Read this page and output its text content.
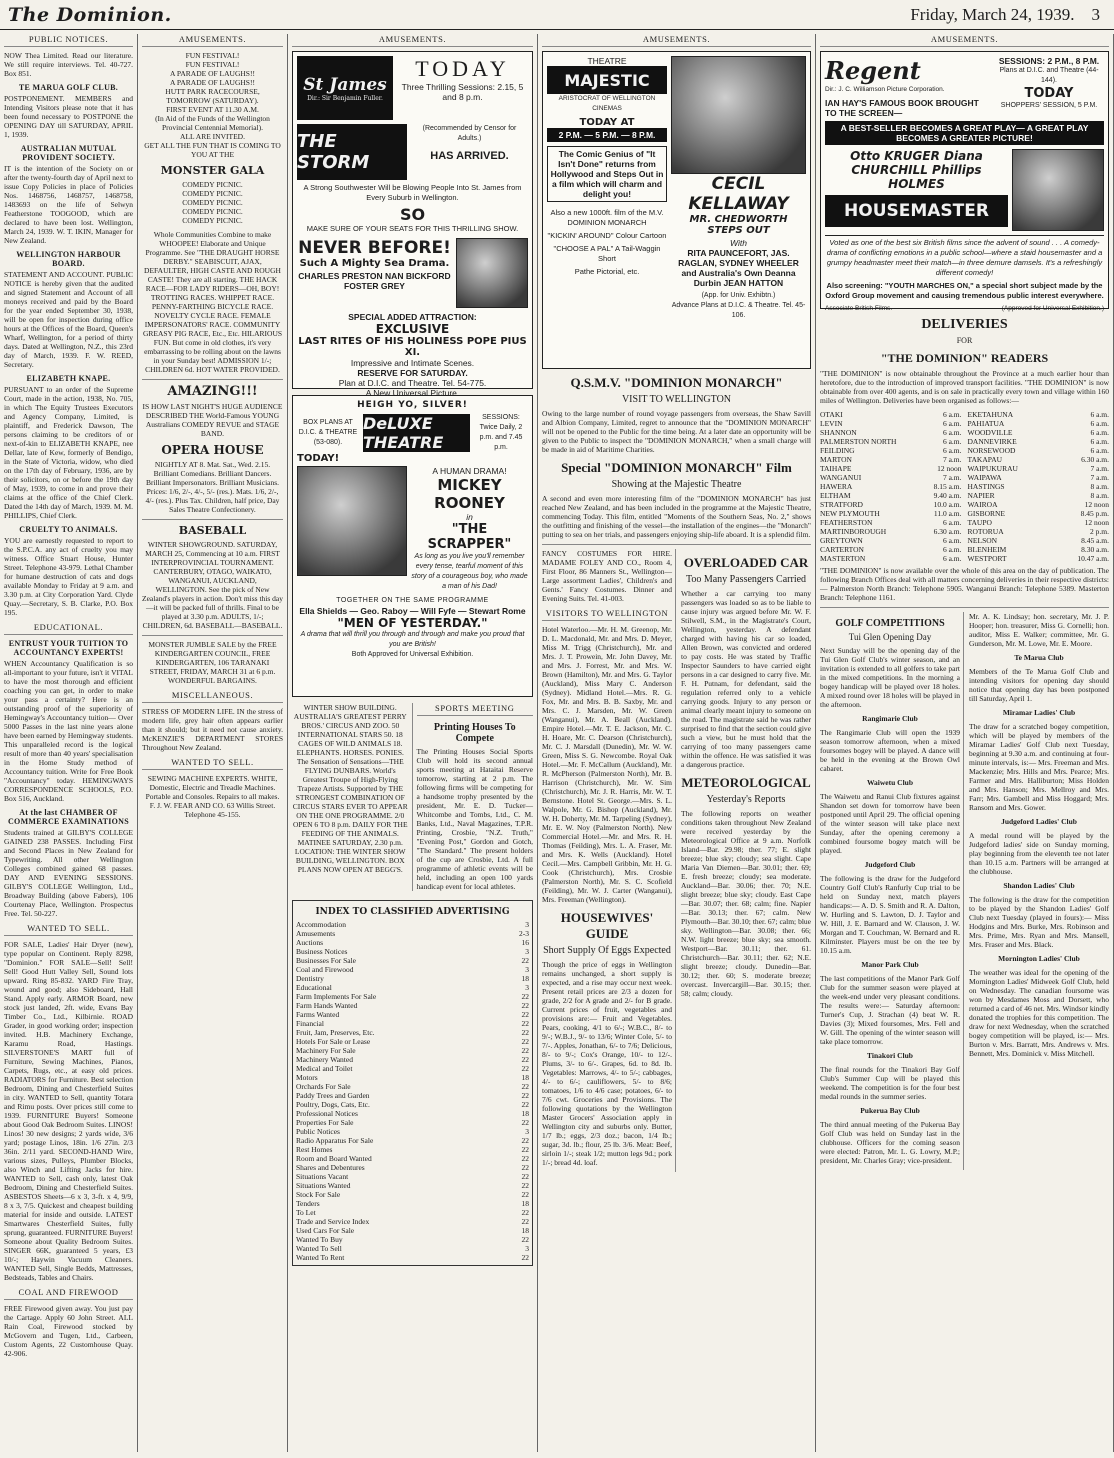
The Dominion.	Friday, March 24, 1939. 3
PUBLIC NOTICES.
NOW Thea Limited. Read our literature. We still require interviews. Tel. 40-727. Box 851.
TE MARUA GOLF CLUB.
POSTPONEMENT. MEMBERS and Intending Visitors please note that it has been found necessary to POSTPONE the OPENING DAY till SATURDAY, APRIL 1, 1939.
AUSTRALIAN MUTUAL PROVIDENT SOCIETY.
IT is the intention of the Society on or after the twenty-fourth day of April next to issue Copy Policies in place of Policies Nos. 1468756, 1468757, 1468758, 1483693 on the life of Selwyn Featherstone TOOGOOD, which are declared to have been lost. Wellington, March 24, 1939. W. T. IKIN, Manager for New Zealand.
WELLINGTON HARBOUR BOARD.
STATEMENT AND ACCOUNT. PUBLIC NOTICE is hereby given that the audited and signed Statement and Account of all moneys received and paid by the Board for the year ended September 30, 1938, will be open for inspection during office hours at the Offices of the Board, Queen's Wharf, Wellington, for a period of thirty days. Dated at Wellington, N.Z., this 23rd day of March, 1939. F. W. REED, Secretary.
ELIZABETH KNAPE.
PURSUANT to an order of the Supreme Court, made in the action, 1938, No. 705, in which The Equity Trustees Executors and Agency Company, Limited, is plaintiff, and Frederick Dawson, The persons claiming to be creditors of or next-of-kin to ELIZABETH KNAPE, nee Dellar, late of Kew, formerly of Bendigo, in the State of Victoria, widow, who died on the 17th day of February, 1936, are by their solicitors, on or before the 19th day of May, 1939, to come in and prove their claims at the office of the Chief Clerk. Dated the 14th day of March, 1939. M. M. PHILLIPS, Chief Clerk.
CRUELTY TO ANIMALS.
YOU are earnestly requested to report to the S.P.C.A. any act of cruelty you may witness. Office Stuart House, Hunter Street. Telephone 43-979. Lethal Chamber for humane destruction of cats and dogs available Monday to Friday at 9 a.m. and 3.30 p.m. at City Corporation Yard. Clyde Quay.—Secretary, S. B. Clarke, P.O. Box 195.
EDUCATIONAL.
ENTRUST YOUR TUITION TO ACCOUNTANCY EXPERTS!
WHEN Accountancy Qualification is so all-important to your future, isn't it VITAL to have the most thorough and efficient coaching you can get, in order to make your pass a certainty? Here is an outstanding proof of the superiority of Hemingway's Accountancy tuition— Over 5000 Passes in the last nine years alone have been earned by Hemingway students. This unparalleled record is the logical result of more than 40 years' specialisation in the Home Study method of Accountancy tuition. Write for Free Book "Accountancy" today. HEMINGWAYS CORRESPONDENCE SCHOOLS, P.O. Box 516, Auckland.
At the last CHAMBER OF COMMERCE EXAMINATIONS
Students trained at GILBY'S COLLEGE GAINED 238 PASSES. Including First and Second Places in New Zealand for Typewriting. All other Wellington Colleges combined gained 68 passes. DAY AND EVENING SESSIONS. GILBY'S COLLEGE Wellington, Ltd., Broadway Building (above Fabers), 106 Courtenay Place, Wellington. Prospectus Free. Tel. 50-227.
WANTED TO SELL.
FOR SALE, Ladies' Hair Dryer (new), type popular on Continent. Reply 8298, "Dominion." FOR SALE—Sell! Sell! Sell! Good Hutt Valley Sell, Sound lots upward. Ring 85-832. YARD Fire Tray, wound and good; also Sideboard, Hall Stand. Apply early. ARMOR Board, new stock just landed, 2ft. wide, Evans Bay Timber Co., Ltd., Kilbirnie. ROAD Grader, in good working order; inspection invited. H.B. Machinery Exchange, Karamu Road, Hastings. SILVERSTONE'S MART full of Furniture, Sewing Machines, Pianos, Carpets, Rugs, etc., at easy old prices. RADIATORS for Furniture. Best selection Bedroom, Dining and Chesterfield Suites in city. WANTED to Sell, quantity Totara and Rimu posts. Over prices still come to 1939. FURNITURE Buyers! Someone about Good Oak Bedroom Suites. LINOS! Linos! 30 new designs; 2 yards wide, 3/6 yard; postage Linos, 18in. 1/6 27in. 2/3 36in. 2/11 yard. SECOND-HAND Wire, various sizes, Pulleys, Plumber Blocks, also Winch and Lifting Jacks for hire. WANTED to Sell, cash only, latest Oak Bedroom, Dining and Chesterfield Suites. ASBESTOS Sheets—6 x 3, 3-ft. x 4, 9/9, 8 x 3, 7/5. Quickest and cheapest building material for inside and outside. LATEST Smartwares Chesterfield Suites, fully sprung, guaranteed. FURNITURE Buyers! Someone about Quality Bedroom Suites. SINGER 66K, guaranteed 5 years, £3 10/-; Haywin Vacuum Cleaners. WANTED Sell, Single Bedds, Mattresses, Bedsteads, Tables and Chairs.
COAL AND FIREWOOD
FREE Firewood given away. You just pay the Cartage. Apply 60 John Street. ALL Rain Coal, Firewood stocked by McGovern and Tugen, Ltd., Carbeen, Custom Agents, 22 Customhouse Quay. 42-906.
AMUSEMENTS.
FUN FESTIVAL!
FUN FESTIVAL!
A PARADE OF LAUGHS!!
A PARADE OF LAUGHS!!
HUTT PARK RACECOURSE,
TOMORROW (SATURDAY).
FIRST EVENT AT 11.30 A.M.
(In Aid of the Funds of the Wellington Provincial Centennial Memorial).
ALL ARE INVITED.
GET ALL THE FUN THAT IS COMING TO YOU AT THE
MONSTER GALA
COMEDY PICNIC.
COMEDY PICNIC.
COMEDY PICNIC.
COMEDY PICNIC.
COMEDY PICNIC.
Whole Communities Combine to make WHOOPEE! Elaborate and Unique Programme. See "THE DRAUGHT HORSE DERBY." SEABISCUIT, AJAX, DEFAULTER, HIGH CASTE AND ROUGH CASTE! They are all starting. THE HACK RACE—FOR LADY RIDERS—OH, BOY! TROTTING RACES. WHIPPET RACE. PENNY-FARTHING BICYCLE RACE. NOVELTY CYCLE RACE. FEMALE IMPERSONATORS' RACE. COMMUNITY GREASY PIG RACE, Etc., Etc. HILARIOUS FUN. But come in old clothes, it's very embarrassing to be rolling about on the lawns in your Sunday best! ADMISSION 1/-; CHILDREN 6d. HOT WATER PROVIDED.
AMAZING!!!
IS HOW LAST NIGHT'S HUGE AUDIENCE DESCRIBED THE World-Famous YOUNG Australians COMEDY REVUE and STAGE BAND.
OPERA HOUSE
NIGHTLY AT 8. Mat. Sat., Wed. 2.15. Brilliant Comedians. Brilliant Dancers. Brilliant Impersonators. Brilliant Musicians. Prices: 1/6, 2/-, 4/-, 5/- (res.). Mats. 1/6, 2/-, 4/- (res.). Plus Tax. Children, half price, Day Sales Theatre Confectionery.
BASEBALL
WINTER SHOWGROUND. SATURDAY, MARCH 25, Commencing at 10 a.m. FIRST INTERPROVINCIAL TOURNAMENT. CANTERBURY, OTAGO, WAIKATO, WANGANUI, AUCKLAND, WELLINGTON. See the pick of New Zealand's players in action. Don't miss this day—it will be packed full of thrills. Final to be played at 3.30 p.m. ADULTS, 1/-; CHILDREN, 6d. BASEBALL—BASEBALL.
MONSTER JUMBLE SALE by the FREE KINDERGARTEN COUNCIL, FREE KINDERGARTEN, 106 TARANAKI STREET, FRIDAY, MARCH 31 at 6 p.m. WONDERFUL BARGAINS.
MISCELLANEOUS.
STRESS OF MODERN LIFE. IN the stress of modern life, grey hair often appears earlier than it should; but it need not cause anxiety. McKENZIE'S DEPARTMENT STORES Throughout New Zealand.
WANTED TO SELL.
SEWING MACHINE EXPERTS. WHITE, Domestic, Electric and Treadle Machines. Portable and Consoles. Repairs to all makes. F. J. W. FEAR AND CO. 63 Willis Street. Telephone 45-155.
AMUSEMENTS.
St James
Dir.: Sir Benjamin Fuller.
TODAY
Three Thrilling Sessions: 2.15, 5 and 8 p.m.
THE STORM
(Recommended by Censor for Adults.)
HAS ARRIVED.
A Strong Southwester Will be Blowing People Into St. James from Every Suburb in Wellington.
SO
MAKE SURE OF YOUR SEATS FOR THIS THRILLING SHOW.
NEVER BEFORE!
Such A Mighty Sea Drama.
CHARLES PRESTON NAN BICKFORD FOSTER GREY
SPECIAL ADDED ATTRACTION:
EXCLUSIVE
LAST RITES OF HIS HOLINESS POPE PIUS XI.
Impressive and Intimate Scenes.
RESERVE FOR SATURDAY.
Plan at D.I.C. and Theatre. Tel. 54-775.
A New Universal Picture.
HEIGH YO, SILVER!
BOX PLANS AT D.I.C. & THEATRE (53-080).
DeLUXE THEATRE
SESSIONS: Twice Daily, 2 p.m. and 7.45 p.m.
TODAY!
A HUMAN DRAMA!
MICKEY ROONEY
in
"THE SCRAPPER"
As long as you live you'll remember every tense, tearful moment of this story of a courageous boy, who made a man of his Dad!
TOGETHER ON THE SAME PROGRAMME
Ella Shields — Geo. Raboy — Will Fyfe — Stewart Rome
"MEN OF YESTERDAY."
A drama that will thrill you through and through and make you proud that you are British!
Both Approved for Universal Exhibition.
WINTER SHOW BUILDING. AUSTRALIA'S GREATEST PERRY BROS.' CIRCUS AND ZOO. 50 INTERNATIONAL STARS 50. 18 CAGES OF WILD ANIMALS 18. ELEPHANTS. HORSES. PONIES. The Sensation of Sensations—THE FLYING DUNBARS. World's Greatest Troupe of High-Flying Trapeze Artists. Supported by THE STRONGEST COMBINATION OF CIRCUS STARS EVER TO APPEAR ON THE ONE PROGRAMME. 2/0 OPEN 6 TO 8 p.m. DAILY FOR THE FEEDING OF THE ANIMALS. MATINEE SATURDAY, 2.30 p.m. LOCATION: THE WINTER SHOW BUILDING, WELLINGTON. BOX PLANS NOW OPEN AT BEGG'S.
SPORTS MEETING
Printing Houses To Compete
The Printing Houses Social Sports Club will hold its second annual sports meeting at Hataitai Reserve tomorrow, starting at 2 p.m. The following firms will be competing for a handsome trophy presented by the president, Mr. E. D. Tucker—Whitcombe and Tombs, Ltd., C. M. Banks, Ltd., Naval Magazines, T.P.R. Printing, Crosbie, "N.Z. Truth," "Evening Post," Gordon and Gotch, "The Standard." The present holders of the cup are Crosbie, Ltd. A full programme of athletic events will be held, including an open 100 yards handicap event for local athletes.
INDEX TO CLASSIFIED ADVERTISING
Accommodation	3
Amusements	2-3
Auctions	16
Business Notices	3
Businesses For Sale	22
Coal and Firewood	3
Dentistry	18
Educational	3
Farm Implements For Sale	22
Farm Hands Wanted	22
Farms Wanted	22
Financial	22
Fruit, Jam, Preserves, Etc.	22
Hotels For Sale or Lease	22
Machinery For Sale	22
Machinery Wanted	22
Medical and Toilet	22
Motors	18
Orchards For Sale	22
Paddy Trees and Garden	22
Poultry, Dogs, Cats, Etc.	22
Professional Notices	18
Properties For Sale	22
Public Notices	3
Radio Apparatus For Sale	22
Rest Homes	22
Room and Board Wanted	22
Shares and Debentures	22
Situations Vacant	22
Situations Wanted	22
Stock For Sale	22
Tenders	18
To Let	22
Trade and Service Index	22
Used Cars For Sale	18
Wanted To Buy	22
Wanted To Sell	3
Wanted To Rent	22
AMUSEMENTS.
THEATRE
MAJESTIC
ARISTOCRAT OF WELLINGTON CINEMAS
TODAY AT
2 P.M. — 5 P.M. — 8 P.M.
The Comic Genius of "It Isn't Done" returns from Hollywood and Steps Out in a film which will charm and delight you!
Also a new 1000ft. film of the M.V. DOMINION MONARCH
"KICKIN' AROUND" Colour Cartoon
"CHOOSE A PAL" A Tail-Waggin Short
Pathe Pictorial, etc.
CECIL KELLAWAY
MR. CHEDWORTH STEPS OUT
With
RITA PAUNCEFORT, JAS. RAGLAN, SYDNEY WHEELER and Australia's Own Deanna Durbin JEAN HATTON
(App. for Univ. Exhibtn.)
Advance Plans at D.I.C. & Theatre. Tel. 45-106.
Q.S.M.V. "DOMINION MONARCH"
VISIT TO WELLINGTON
Owing to the large number of round voyage passengers from overseas, the Shaw Savill and Albion Company, Limited, regret to announce that the "DOMINION MONARCH" will not be opened to the Public for the time being. At a later date an opportunity will be given to the Public to inspect the "DOMINION MONARCH," when a small charge will be made in aid of Maritime Charities.
Special "DOMINION MONARCH" Film
Showing at the Majestic Theatre
A second and even more interesting film of the "DOMINION MONARCH" has just reached New Zealand, and has been included in the programme at the Majestic Theatre, commencing Today. This film, entitled "Moments of the Southern Seas, No. 2," shows the outfitting and finishing of the vessel—the installation of the engines—the "Monarch" putting to sea on her trials, and passengers enjoying ship-life aboard. It is a splendid film.
FANCY COSTUMES FOR HIRE. MADAME FOLEY AND CO., Room 4, First Floor, 86 Manners St., Wellington—Large assortment Ladies', Children's and Gents.' Fancy Costumes. Dinner and Evening Suits. Tel. 41-003.
VISITORS TO WELLINGTON
Hotel Waterloo.—Mr. H. M. Greenop, Mr. D. L. Macdonald, Mr. and Mrs. D. Meyer, Miss M. Trigg (Christchurch), Mr. and Mrs. J. T. Prowein, Mr. John Davey, Mr. and Mrs. J. Forrest, Mr. and Mrs. W. Brown (Hamilton), Mr. and Mrs. G. Taylor (Auckland), Miss Mary C. Anderson (Sydney). Midland Hotel.—Mrs. R. G. Fox, Mr. and Mrs. B. B. Saxby, Mr. and Mrs. C. J. Marsden, Mr. W. Green (Wanganui), Mr. A. Beall (Auckland). Empire Hotel.—Mr. T. E. Jackson, Mr. C. H. Hoare, Mr. C. Dearson (Christchurch), Mr. C. J. Marsdall (Dunedin), Mr. W. W. Green, Miss S. G. Newcombe. Royal Oak Hotel.—Mr. F. McCallum (Auckland), Mr. R. McPherson (Palmerston North), Mr. B. Harrison (Christchurch), Mr. W. Sim (Christchurch), Mr. J. R. Harris, Mr. W. T. Bernstone. Hotel St. George.—Mrs. S. L. Walpole, Mr. G. Bishop (Auckland), Mr. W. H. Doherty, Mr. M. Tarpeling (Sydney), Mr. E. W. Noy (Palmerston North). New Commercial Hotel.—Mr. and Mrs. R. H. Thomas (Feilding), Mrs. L. A. Fraser, Mr. and Mrs. K. Wells (Auckland). Hotel Cecil.—Mrs. Campbell Gribbin, Mr. H. G. Cook (Christchurch), Mrs. Crosbie (Palmerston North), Mr. S. C. Scofield (Feilding), Mr. W. J. Carter (Wanganui), Mrs. Freeman (Wellington).
HOUSEWIVES' GUIDE
Short Supply Of Eggs Expected
Though the price of eggs in Wellington remains unchanged, a short supply is expected, and a rise may occur next week. Present retail prices are 2/3 a dozen for grade, 2/2 for A grade and 2/- for B grade. Current prices of fruit, vegetables and provisions are:— Fruit and Vegetables. Pears, cooking, 4/1 to 6/-; W.B.C., 8/- to 9/-; W.B.J., 9/- to 13/6; Winter Cole, 5/- to 7/-. Apples, Jonathan, 6/- to 7/6; Delicious, 8/- to 9/-; Cox's Orange, 10/- to 12/-. Plums, 3/- to 6/-. Grapes, 6d. to 8d. lb. Vegetables: Marrows, 4/- to 5/-; cabbages, 4/- to 6/-; cauliflowers, 5/- to 8/6; tomatoes, 1/6 to 4/6 case; potatoes, 6/- to 7/6 cwt. Groceries and Provisions. The following quotations by the Wellington Master Grocers' Association apply in Wellington city and suburbs only. Butter, 1/7 lb.; eggs, 2/3 doz.; bacon, 1/4 lb.; sugar, 3d. lb.; flour, 25 lb. 3/6. Meat: Beef, sirloin 1/-; steak 1/2; mutton legs 9d.; pork 1/-; bread 4d. loaf.
OVERLOADED CAR
Too Many Passengers Carried
Whether a car carrying too many passengers was loaded so as to be liable to cause injury was argued before Mr. W. F. Stilwell, S.M., in the Magistrate's Court, Wellington, yesterday. A defendant charged with having his car so loaded, Allen Brown, was convicted and ordered to pay costs. He was stated by Traffic Inspector Saunders to have carried eight persons in a car designed to carry five. Mr. F. H. Putnam, for defendant, said the regulation referred only to a vehicle carrying goods. Injury to any person or animal clearly meant injury to someone on the road. The magistrate said he was rather surprised to find that the section could give such a view, but he must hold that the carrying of too many passengers came within the offence. He was satisfied it was a dangerous practice.
METEOROLOGICAL
Yesterday's Reports
The following reports on weather conditions taken throughout New Zealand were received yesterday by the Meteorological Office at 9 a.m. Norfolk Island—Bar. 29.98; ther. 77; E. slight breeze; blue sky; cloudy; sea slight. Cape Maria Van Diemen—Bar. 30.01; ther. 69; E. fresh breeze; cloudy; sea moderate. Auckland—Bar. 30.06; ther. 70; N.E. slight breeze; blue sky; cloudy. East Cape—Bar. 30.07; ther. 68; calm; fine. Napier—Bar. 30.13; ther. 67; calm. New Plymouth—Bar. 30.10; ther. 67; calm; blue sky. Wellington—Bar. 30.08; ther. 66; N.W. light breeze; blue sky; sea smooth. Westport—Bar. 30.11; ther. 61. Christchurch—Bar. 30.11; ther. 62; N.E. slight breeze; cloudy. Dunedin—Bar. 30.12; ther. 60; S. moderate breeze; overcast. Invercargill—Bar. 30.15; ther. 58; calm; cloudy.
AMUSEMENTS.
Regent
Dir.: J. C. Williamson Picture Corporation.
IAN HAY'S FAMOUS BOOK BROUGHT TO THE SCREEN—
SESSIONS: 2 P.M., 8 P.M.
Plans at D.I.C. and Theatre (44-144).
TODAY
SHOPPERS' SESSION, 5 P.M.
A BEST-SELLER BECOMES A GREAT PLAY— A GREAT PLAY BECOMES A GREATER PICTURE!
Otto KRUGER Diana CHURCHILL Phillips HOLMES
HOUSEMASTER
Voted as one of the best six British films since the advent of sound . . . A comedy-drama of conflicting emotions in a public school—where a staid housemaster and a grumpy headmaster meet their match—in three demure damsels. It's a refreshingly different comedy!
Also screening: "YOUTH MARCHES ON," a special short subject made by the Oxford Group movement and causing tremendous public interest everywhere.
Associate British Films.	(Approved for Universal Exhibition.)
DELIVERIES
FOR
"THE DOMINION" READERS
"THE DOMINION" is now obtainable throughout the Province at a much earlier hour than heretofore, due to the introduction of improved transport facilities. "THE DOMINION" is now obtainable from over 400 agents, and is on sale in practically every town and village within 160 miles of Wellington. Deliveries have been organised as follows:—
OTAKI	6 a.m.
LEVIN	6 a.m.
SHANNON	6 a.m.
PALMERSTON NORTH	6 a.m.
FEILDING	6 a.m.
MARTON	7 a.m.
TAIHAPE	12 noon
WANGANUI	7 a.m.
HAWERA	8.15 a.m.
ELTHAM	9.40 a.m.
STRATFORD	10.0 a.m.
NEW PLYMOUTH	11.0 a.m.
FEATHERSTON	6 a.m.
MARTINBOROUGH	6.30 a.m.
GREYTOWN	6 a.m.
CARTERTON	6 a.m.
MASTERTON	6 a.m.
EKETAHUNA	6 a.m.
PAHIATUA	6 a.m.
WOODVILLE	6 a.m.
DANNEVIRKE	6 a.m.
NORSEWOOD	6 a.m.
TAKAPAU	6.30 a.m.
WAIPUKURAU	7 a.m.
WAIPAWA	7 a.m.
HASTINGS	8 a.m.
NAPIER	8 a.m.
WAIROA	12 noon
GISBORNE	8.45 p.m.
TAUPO	12 noon
ROTORUA	2 p.m.
NELSON	8.45 a.m.
BLENHEIM	8.30 a.m.
WESTPORT	10.47 a.m.
"THE DOMINION" is now available over the whole of this area on the day of publication. The following Branch Offices deal with all matters concerning deliveries in their respective districts:— Palmerston North Branch: Telephone 5905. Wanganui Branch: Telephone 5389. Masterton Branch: Telephone 1161.
GOLF COMPETITIONS
Tui Glen Opening Day
Next Sunday will be the opening day of the Tui Glen Golf Club's winter season, and an invitation is extended to all golfers to take part in the mixed competitions. In the morning a bogey handicap will be played over 18 holes. A mixed round over 18 holes will be played in the afternoon.
Rangimarie Club
The Rangimarie Club will open the 1939 season tomorrow afternoon, when a mixed foursomes bogey will be played. A dance will be held in the evening at the Brown Owl cabaret.
Waiwetu Club
The Waiwetu and Ranui Club fixtures against Shandon set down for tomorrow have been postponed until April 29. The official opening of the winter season will take place next Sunday, after the opening ceremony a combined foursome bogey match will be played.
Judgeford Club
The following is the draw for the Judgeford Country Golf Club's Ranfurly Cup trial to be held on Sunday next, match players handicaps:— A. D. S. Smith and R. A. Dalton, W. Hurling and S. Lawton, D. J. Taylor and W. Hill, J. E. Barnard and W. Clauson, J. W. Morgan and T. Couchman, W. Bernard and R. Kilminster. Players must be on the tee by 10.15 a.m.
Manor Park Club
The last competitions of the Manor Park Golf Club for the summer season were played at the week-end under very pleasant conditions. The results were:— Saturday afternoon: Turner's Cup, J. Strachan (4) beat W. R. Davies (3); Mixed foursomes, Mrs. Fell and W. Gill. The opening of the winter season will take place tomorrow.
Tinakori Club
The final rounds for the Tinakori Bay Golf Club's Summer Cup will be played this weekend. The competition is for the four best medal rounds in the summer series.
Pukerua Bay Club
The third annual meeting of the Pukerua Bay Golf Club was held on Sunday last in the clubhouse. Officers for the coming season were elected: Patron, Mr. L. G. Lowry, M.P.; president, Mr. Charles Gray; vice-president.
Mr. A. K. Lindsay; hon. secretary, Mr. J. P. Hooper; hon. treasurer, Miss G. Cornelli; hon. auditor, Miss E. Walker; committee, Mr. G. Gunderson, Mr. M. Lowe, Mr. E. Moore.
Te Marua Club
Members of the Te Marua Golf Club and intending visitors for opening day should notice that opening day has been postponed till Saturday, April 1.
Miramar Ladies' Club
The draw for a scratched bogey competition, which will be played by members of the Miramar Ladies' Golf Club next Tuesday, beginning at 9.30 a.m. and continuing at four-minute intervals, is:— Mrs. Freeman and Mrs. Mackenzie; Mrs. Hills and Mrs. Pearce; Mrs. Farmer and Mrs. Halliburton; Miss Holden and Mrs. Hanson; Mrs. Mellroy and Mrs. Farr; Mrs. Gambell and Miss Hoggard; Mrs. Ransom and Mrs. Gower.
Judgeford Ladies' Club
A medal round will be played by the Judgeford ladies' side on Sunday morning, play beginning from the eleventh tee not later than 10.15 a.m. Partners will be arranged at the clubhouse.
Shandon Ladies' Club
The following is the draw for the competition to be played by the Shandon Ladies' Golf Club next Tuesday (played in fours):— Miss Hodgins and Mrs. Burke, Mrs. Robinson and Mrs. Prime, Mrs. Ryan and Mrs. Mansell, Mrs. Fraser and Mrs. Black.
Mornington Ladies' Club
The weather was ideal for the opening of the Mornington Ladies' Midweek Golf Club, held on Wednesday. The canadian foursome was won by Mesdames Moss and Dorsett, who returned a card of 46 net. Mrs. Windsor kindly donated the trophies for this competition. The draw for next Wednesday, when the scratched bogey competition will be played, is:— Mrs. Burton v. Mrs. Barratt, Mrs. Andrews v. Mrs. Bennett, Mrs. Dominick v. Miss Mitchell.
